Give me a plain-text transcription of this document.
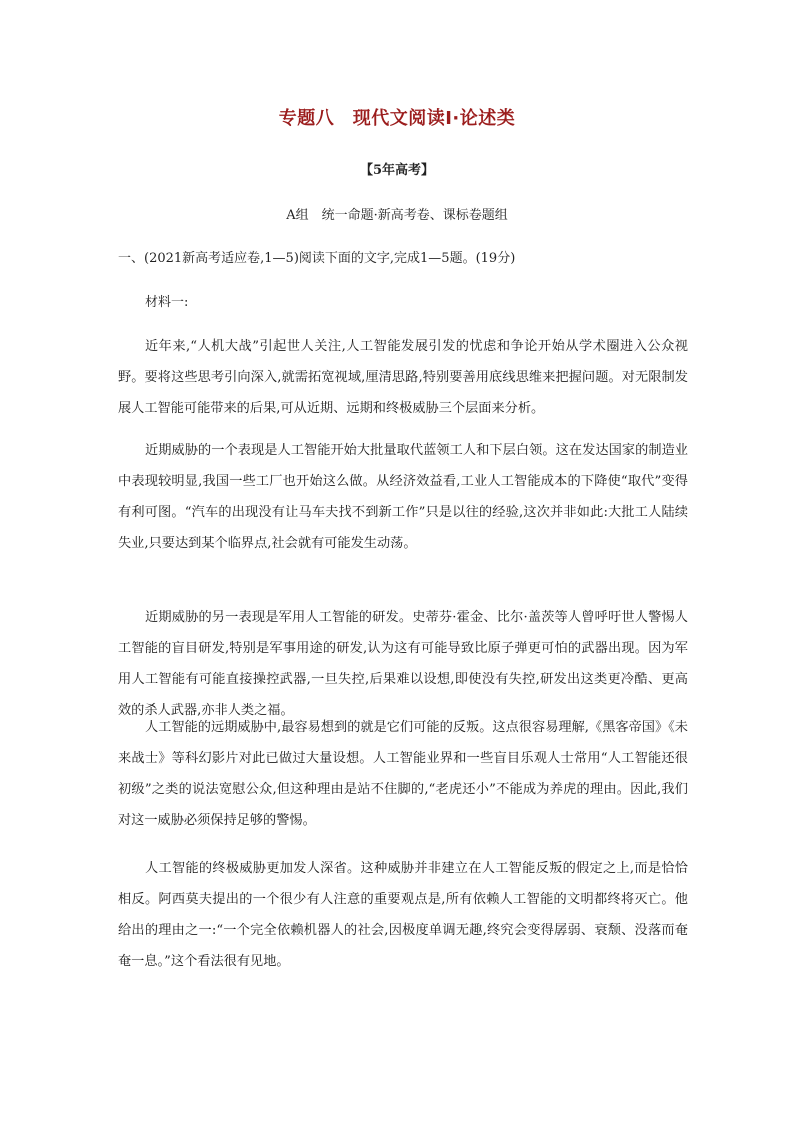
专题八　现代文阅读Ⅰ·论述类
【5年高考】
A组　统一命题·新高考卷、课标卷题组
一、(2021新高考适应卷,1—5)阅读下面的文字,完成1—5题。(19分)
材料一:

近年来,“人机大战”引起世人关注,人工智能发展引发的忧虑和争论开始从学术圈进入公众视野。要将这些思考引向深入,就需拓宽视域,厘清思路,特别要善用底线思维来把握问题。对无限制发展人工智能可能带来的后果,可从近期、远期和终极威胁三个层面来分析。

近期威胁的一个表现是人工智能开始大批量取代蓝领工人和下层白领。这在发达国家的制造业中表现较明显,我国一些工厂也开始这么做。从经济效益看,工业人工智能成本的下降使“取代”变得有利可图。“汽车的出现没有让马车夫找不到新工作”只是以往的经验,这次并非如此:大批工人陆续失业,只要达到某个临界点,社会就有可能发生动荡。

近期威胁的另一表现是军用人工智能的研发。史蒂芬·霍金、比尔·盖茨等人曾呼吁世人警惕人工智能的盲目研发,特别是军事用途的研发,认为这有可能导致比原子弹更可怕的武器出现。因为军用人工智能有可能直接操控武器,一旦失控,后果难以设想,即使没有失控,研发出这类更冷酷、更高效的杀人武器,亦非人类之福。

人工智能的远期威胁中,最容易想到的就是它们可能的反叛。这点很容易理解,《黑客帝国》《未来战士》等科幻影片对此已做过大量设想。人工智能业界和一些盲目乐观人士常用“人工智能还很初级”之类的说法宽慰公众,但这种理由是站不住脚的,“老虎还小”不能成为养虎的理由。因此,我们对这一威胁必须保持足够的警惕。

人工智能的终极威胁更加发人深省。这种威胁并非建立在人工智能反叛的假定之上,而是恰恰相反。阿西莫夫提出的一个很少有人注意的重要观点是,所有依赖人工智能的文明都终将灭亡。他给出的理由之一:“一个完全依赖机器人的社会,因极度单调无趣,终究会变得孱弱、衰颓、没落而奄奄一息。”这个看法很有见地。
